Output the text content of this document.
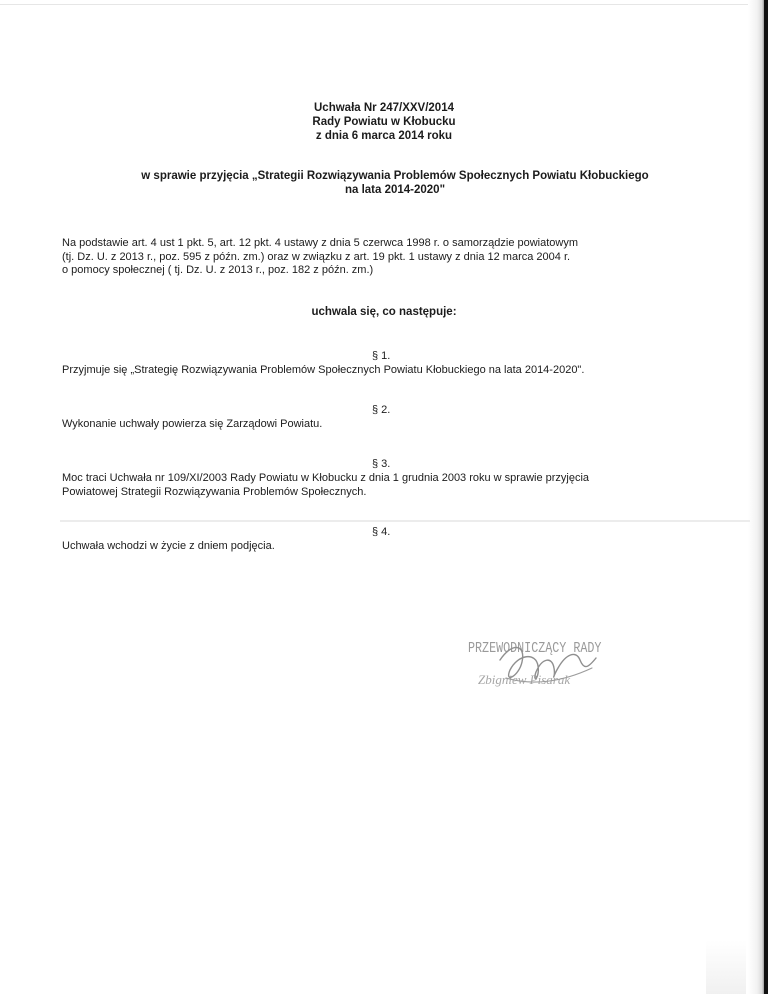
Uchwała Nr 247/XXV/2014
Rady Powiatu w Kłobucku
z dnia 6 marca 2014 roku
w sprawie przyjęcia „Strategii Rozwiązywania Problemów Społecznych Powiatu Kłobuckiego
na lata 2014-2020"
Na podstawie art. 4 ust 1 pkt. 5, art. 12 pkt. 4 ustawy z dnia 5 czerwca 1998 r. o samorządzie powiatowym
(tj. Dz. U. z 2013 r., poz. 595 z późn. zm.) oraz w związku z art. 19 pkt. 1 ustawy z dnia 12 marca 2004 r.
o pomocy społecznej ( tj. Dz. U. z 2013 r., poz. 182 z późn. zm.)
uchwala się, co następuje:
§ 1.
Przyjmuje się „Strategię Rozwiązywania Problemów Społecznych Powiatu Kłobuckiego na lata 2014-2020".
§ 2.
Wykonanie uchwały powierza się Zarządowi Powiatu.
§ 3.
Moc traci Uchwała nr 109/XI/2003 Rady Powiatu w Kłobucku z dnia 1 grudnia 2003 roku w sprawie przyjęcia
Powiatowej Strategii Rozwiązywania Problemów Społecznych.
§ 4.
Uchwała wchodzi w życie z dniem podjęcia.
PRZEWODNICZĄCY RADY
Zbigniew Pisarak
